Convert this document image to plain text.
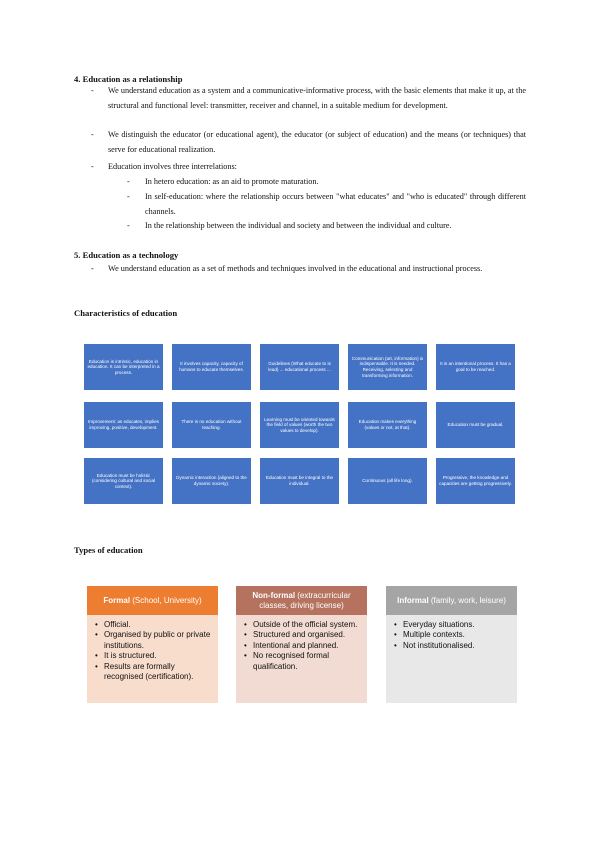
4. Education as a relationship
- We understand education as a system and a communicative-informative process, with the basic elements that make it up, at the structural and functional level: transmitter, receiver and channel, in a suitable medium for development.
- We distinguish the educator (or educational agent), the educator (or subject of education) and the means (or techniques) that serve for educational realization.
- Education involves three interrelations:
- In hetero education: as an aid to promote maturation.
- In self-education: where the relationship occurs between "what educates" and "who is educated" through different channels.
- In the relationship between the individual and society and between the individual and culture.
5. Education as a technology
- We understand education as a set of methods and techniques involved in the educational and instructional process.
Characteristics of education
Education is intrinsic, education in education. It can be interpreted in a process.
It involves capacity, capacity of humans to educate themselves.
Guidelines (What educate to is lead) ... educational process ...
Communication (art, information) is indispensable. It is needed. Receiving, selecting and transforming information.
It is an intentional process. It has a goal to be reached.
Improvement: as educates, implies improving, positive, development.
There is no education without teaching.
Learning must be oriented towards the field of values (worth the two values to develop).
Education makes everything (values or not, at that).
Education must be gradual.
Education must be holistic (considering cultural and social context).
Dynamic interaction (aligned to the dynamic society).
Education must be integral to the individual.
Continuous (all life long).
Progressive, the knowledge and capacities are getting progressively.
Types of education
Formal (School, University)
• Official.
• Organised by public or private institutions.
• It is structured.
• Results are formally recognised (certification).
Non-formal (extracurricular classes, driving license)
• Outside of the official system.
• Structured and organised.
• Intentional and planned.
• No recognised formal qualification.
Informal (family, work, leisure)
• Everyday situations.
• Multiple contexts.
• Not institutionalised.
